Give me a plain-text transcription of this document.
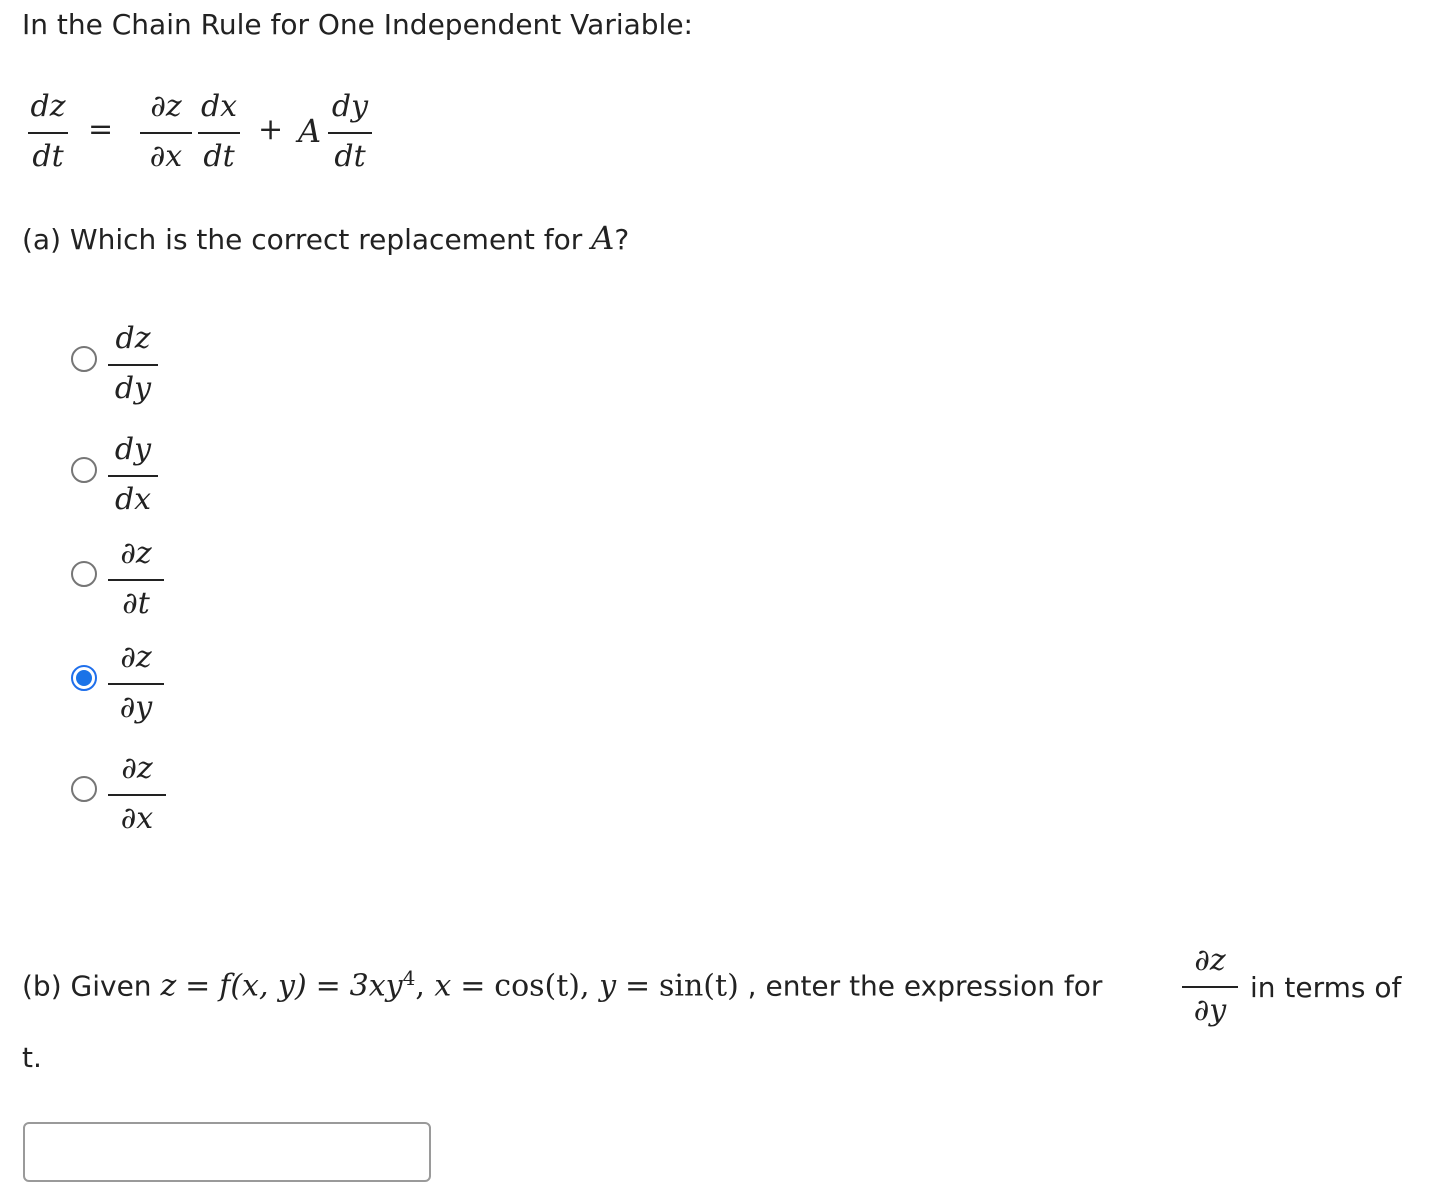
In the Chain Rule for One Independent Variable:
dz
dt
=
∂z
∂x
dx
dt
+ A
dy
dt
(a) Which is the correct replacement for A?
dz
dy
dy
dx
∂z
∂t
∂z
∂y
∂z
∂x
(b) Given z = f(x, $y) = 3xy^4$, x = cos(t), y = sin(t) , enter the expression for
∂z
∂y
in terms of
t.
